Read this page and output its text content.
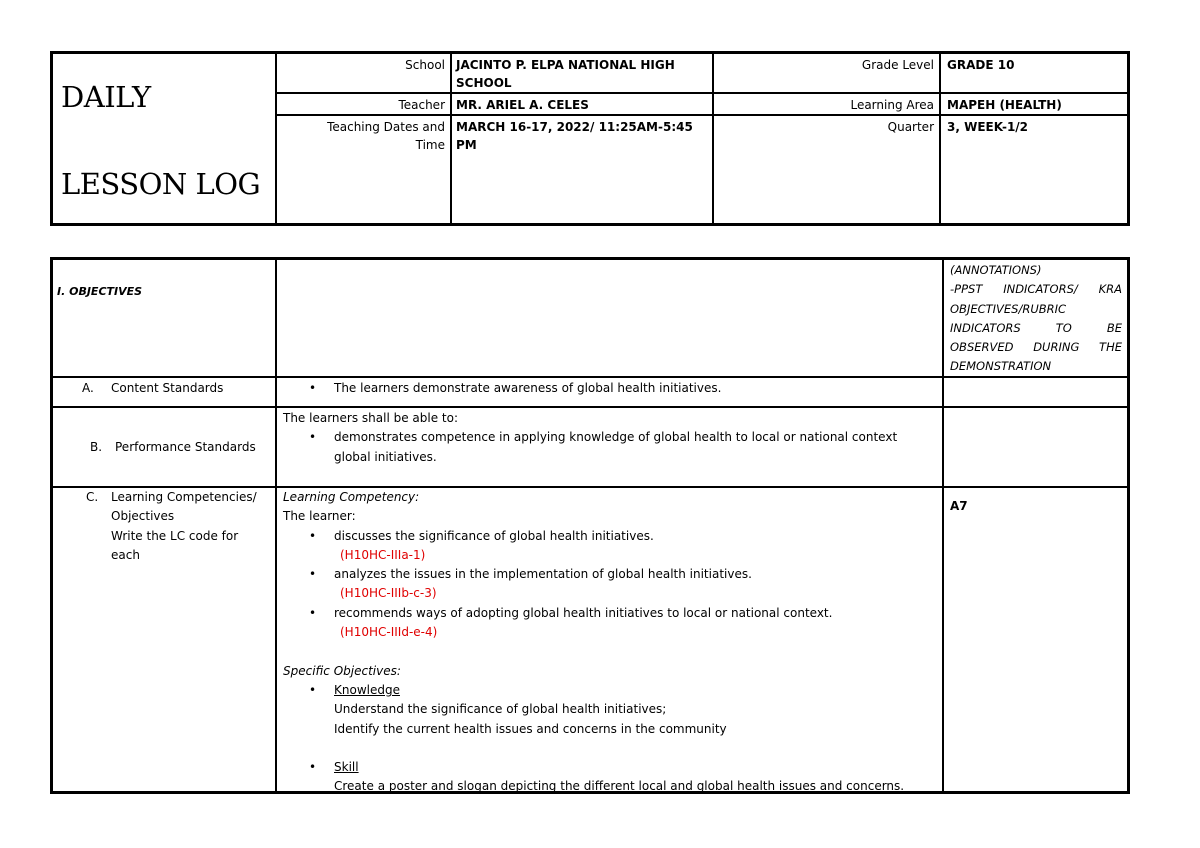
DAILY
LESSON LOG
School JACINTO P. ELPA NATIONAL HIGH SCHOOL
Teacher MR. ARIEL A. CELES
Teaching Dates and Time
MARCH 16-17, 2022/ 11:25AM-5:45 PM
Grade Level GRADE 10
Learning Area MAPEH (HEALTH)
Quarter 3, WEEK-1/2
I. OBJECTIVES
(ANNOTATIONS)
-PPST INDICATORS/ KRA
OBJECTIVES/RUBRIC
INDICATORS TO BE
OBSERVED DURING THE
DEMONSTRATION
A. Content Standards	• The learners demonstrate awareness of global health initiatives.
B. Performance Standards
The learners shall be able to:
• demonstrates competence in applying knowledge of global health to local or national context
global initiatives.
C. Learning Competencies/
Objectives
Write the LC code for
each
A7
Learning Competency:
The learner:
• discusses the significance of global health initiatives.
(H10HC-IIIa-1)
• analyzes the issues in the implementation of global health initiatives.
(H10HC-IIIb-c-3)
• recommends ways of adopting global health initiatives to local or national context.
(H10HC-IIId-e-4)
Specific Objectives:
• Knowledge
Understand the significance of global health initiatives;
Identify the current health issues and concerns in the community
• Skill
Create a poster and slogan depicting the different local and global health issues and concerns.
